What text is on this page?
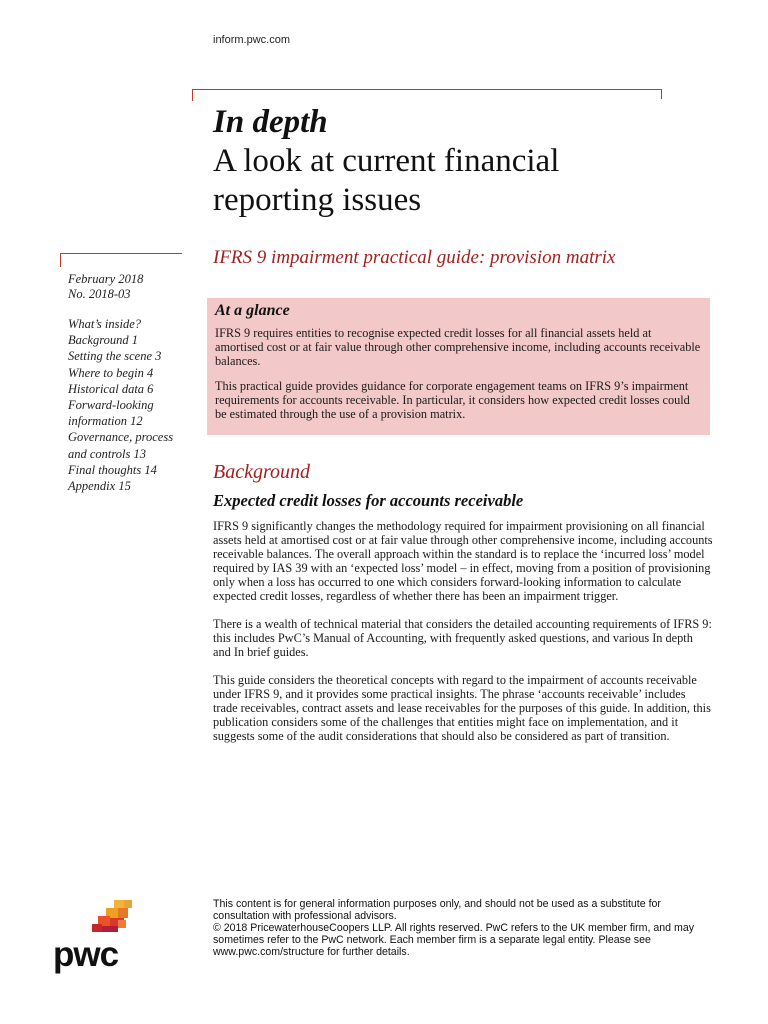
inform.pwc.com
In depth
A look at current financial reporting issues
IFRS 9 impairment practical guide: provision matrix
February 2018
No. 2018-03
What’s inside?
Background 1
Setting the scene 3
Where to begin 4
Historical data 6
Forward-looking information 12
Governance, process and controls 13
Final thoughts 14
Appendix 15
At a glance

IFRS 9 requires entities to recognise expected credit losses for all financial assets held at amortised cost or at fair value through other comprehensive income, including accounts receivable balances.

This practical guide provides guidance for corporate engagement teams on IFRS 9’s impairment requirements for accounts receivable. In particular, it considers how expected credit losses could be estimated through the use of a provision matrix.

Background
Expected credit losses for accounts receivable

IFRS 9 significantly changes the methodology required for impairment provisioning on all financial assets held at amortised cost or at fair value through other comprehensive income, including accounts receivable balances. The overall approach within the standard is to replace the ‘incurred loss’ model required by IAS 39 with an ‘expected loss’ model – in effect, moving from a position of provisioning only when a loss has occurred to one which considers forward-looking information to calculate expected credit losses, regardless of whether there has been an impairment trigger.

There is a wealth of technical material that considers the detailed accounting requirements of IFRS 9: this includes PwC’s Manual of Accounting, with frequently asked questions, and various In depth and In brief guides.

This guide considers the theoretical concepts with regard to the impairment of accounts receivable under IFRS 9, and it provides some practical insights. The phrase ‘accounts receivable’ includes trade receivables, contract assets and lease receivables for the purposes of this guide. In addition, this publication considers some of the challenges that entities might face on implementation, and it suggests some of the audit considerations that should also be considered as part of transition.

This content is for general information purposes only, and should not be used as a substitute for consultation with professional advisors.

© 2018 PricewaterhouseCoopers LLP. All rights reserved. PwC refers to the UK member firm, and may sometimes refer to the PwC network. Each member firm is a separate legal entity. Please see www.pwc.com/structure for further details.

pwc
